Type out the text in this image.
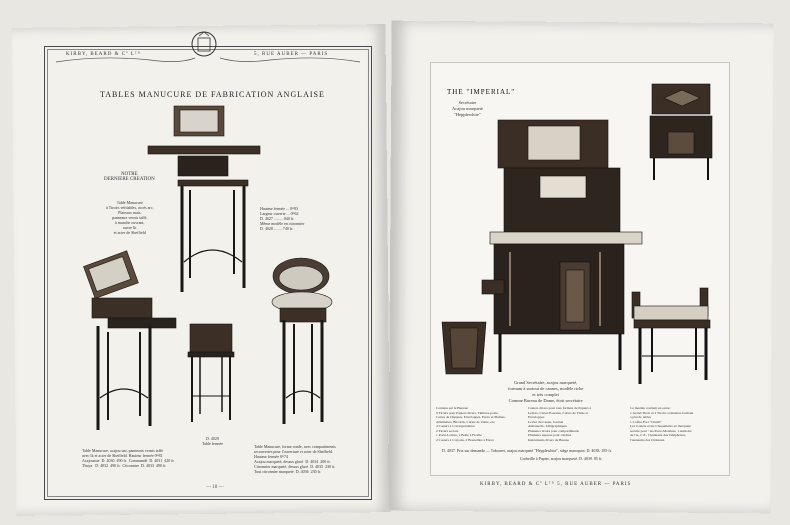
KIRBY, BEARD & Cº Lᵀᴰ	5, RUE AUBER — PARIS
TABLES MANUCURE DE FABRICATION ANGLAISE
NOTRE
DERNIERE CREATION
Table Manucure
à Tiroirs véritables, accès arc,
Plateaux mats,
panneaux vernis taffé,
à manche ouvrant,
ouvre lit
et acier de Sheffield
Hauteur fermée ... 0ᵐ83
Largeur ouverte ... 0ᵐ62
D. 4027 ......... 840 fr.
Même modèle en citronnier
D. 4028 ........ 740 fr.
D. 4029
Table fermée
Table Manucure, acajou uni, panneaux vernis taffé
avec lit et acier de Sheffield. Hauteur fermée 0ᵐ81
Acajoumie  D. 4030  490 fr.  Commandé  D. 4031  420 fr.
Thuya   D. 4032  490 fr.  Citronnier  D. 4033  490 fr.
Table Manucure, forme ronde, avec compartiments
recouvertes pour l'ouverture et acier de Sheffield.
Hauteur fermée 0ᵐ74
Acajou marqueté, dessus glacé  D. 4034  200 fr.
Citronnier marqueté, dessus glacé  D. 4035  230 fr.
Tout citronnier marqueté  D. 4036  230 fr.
— 18 —
THE "IMPERIAL"
Secrétaire
Acajou marqueté
"Hepplewhite"
Grand Secrétaire, acajou marqueté,
formant à surtout de cannes, modèle riche
et très complet
Comme Bureau de Dame, étoit secrétaire
Contenu sur le Bureau:
9 Tiroirs pour Papiers divers, Timbres-poste,
Cartes de Chèques, Enveloppes, Encre et Plumes,
Allumettes, Buvards, Cartes de Visite, etc.
4 Casiers à Correspondance
2 Tiroirs secrets
1 Porte-Lettres, 1 Boîte à Ficelle
2 Casiers à Crayons, 2 Bouteilles à Encre
Casiers divers pour tous formats de Papiers à
Lettres, Cartes Postales, Cartes de Visite et
Enveloppes
Levier du Casier, Journal
Almanachs, Télégraphiques
Plusieurs tiroirs pour compartiments
Plusieurs espaces pour rondins
Instruments divers de Bureau
Ce meuble contient en outre:
1 Grand Tiroir et 2 Tiroirs ordinaires formant
a plat de tables
1 Coffre-Fort "Chubb"
Les Casiers et les Classements en marqueté
secrète pour : les Porte-Monnaie, 1 Armoire
de l'A.-C.F., l'Annuaire des Téléphones,
l'Annuaire des Châteaux.
D. 4037. Prix sur demande — Tabouret, acajou marqueté "Hepplewhite", siège maroquin. D. 4038. 185 fr.
Corbeille à Papier, acajou marqueté. D. 4039. 85 fr.
KIRBY, BEARD & Cº Lᵀᴰ 5, RUE AUBER — PARIS
